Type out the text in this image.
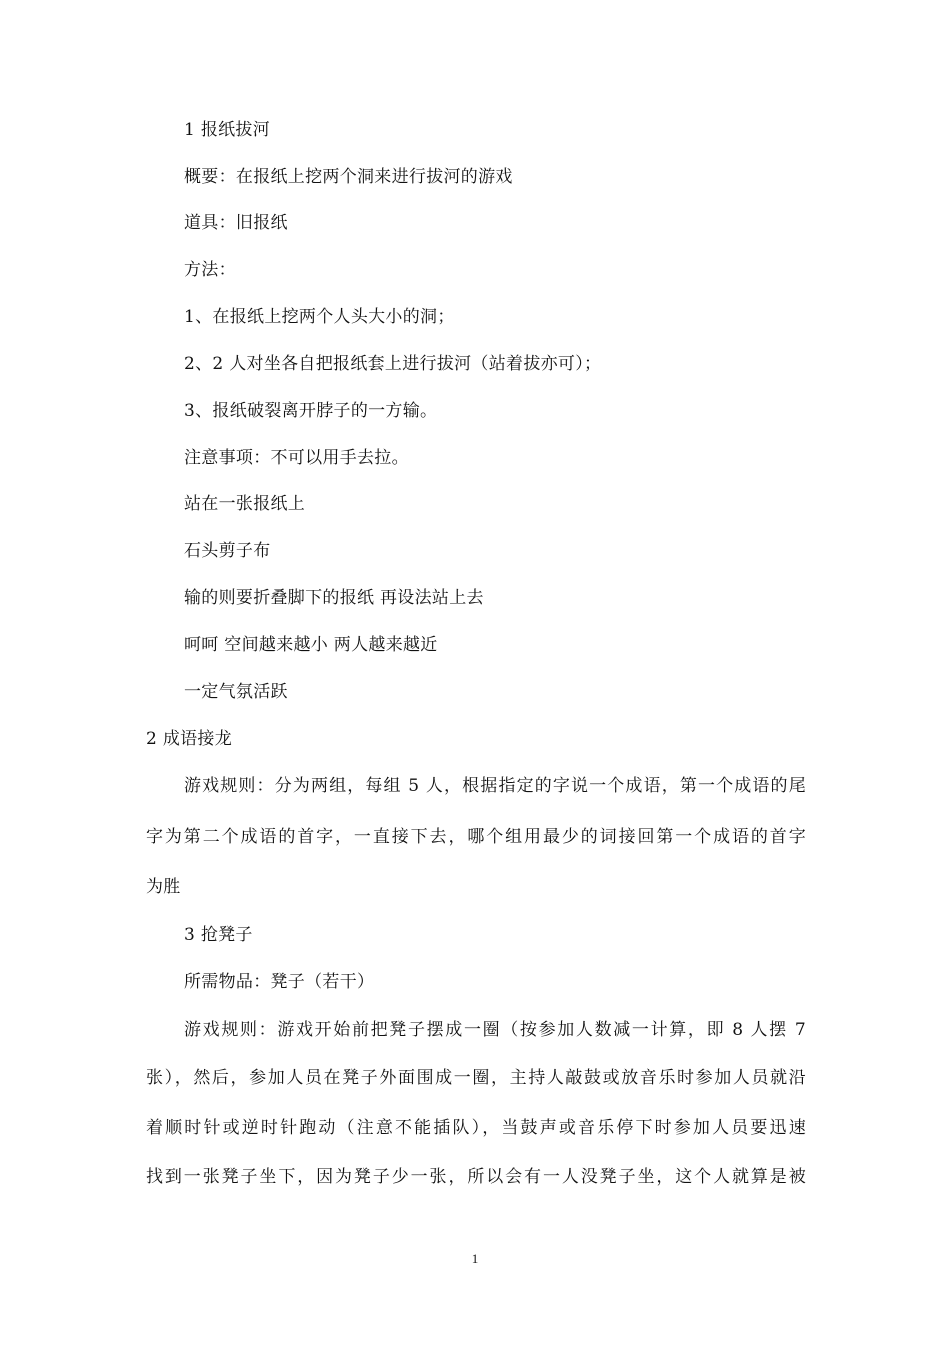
1 报纸拔河
概要：在报纸上挖两个洞来进行拔河的游戏
道具：旧报纸
方法：
1、在报纸上挖两个人头大小的洞；
2、2 人对坐各自把报纸套上进行拔河（站着拔亦可）；
3、报纸破裂离开脖子的一方输。
注意事项：不可以用手去拉。
站在一张报纸上
石头剪子布
输的则要折叠脚下的报纸 再设法站上去
呵呵 空间越来越小 两人越来越近
一定气氛活跃
2 成语接龙
游戏规则：分为两组，每组 5 人，根据指定的字说一个成语，第一个成语的尾
字为第二个成语的首字，一直接下去，哪个组用最少的词接回第一个成语的首字
为胜
3 抢凳子
所需物品：凳子（若干）
游戏规则：游戏开始前把凳子摆成一圈（按参加人数减一计算，即 8 人摆 7
张），然后，参加人员在凳子外面围成一圈，主持人敲鼓或放音乐时参加人员就沿
着顺时针或逆时针跑动（注意不能插队），当鼓声或音乐停下时参加人员要迅速
找到一张凳子坐下，因为凳子少一张，所以会有一人没凳子坐，这个人就算是被
1
